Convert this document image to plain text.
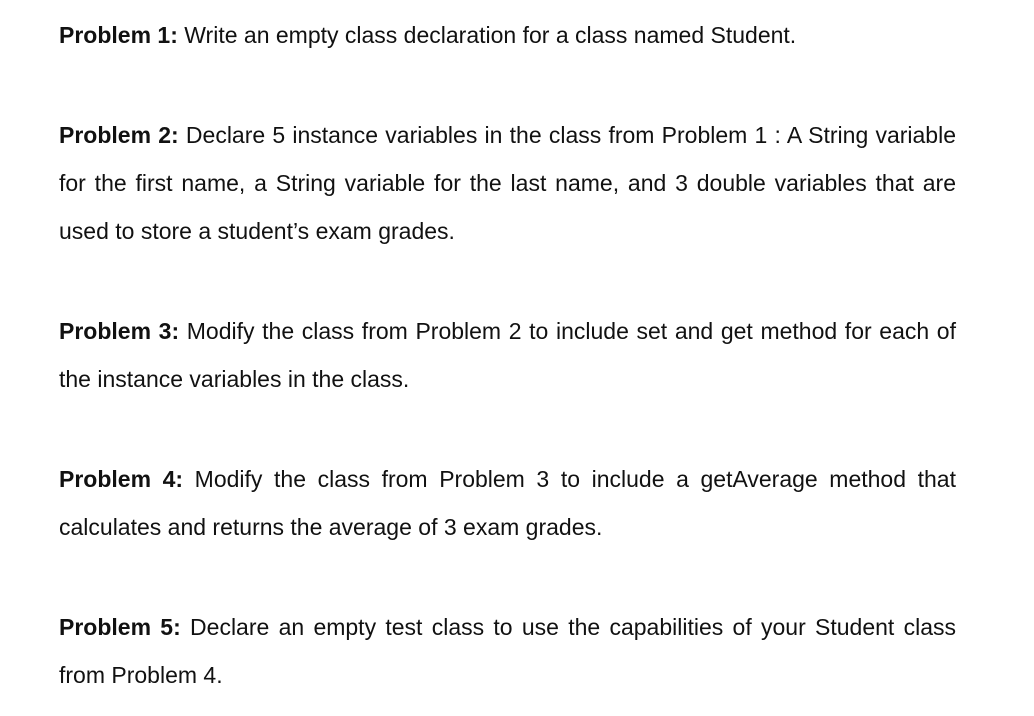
Problem 1: Write an empty class declaration for a class named Student.

Problem 2: Declare 5 instance variables in the class from Problem 1 : A String variable for the first name, a String variable for the last name, and 3 double variables that are used to store a student’s exam grades.

Problem 3: Modify the class from Problem 2 to include set and get method for each of the instance variables in the class.

Problem 4: Modify the class from Problem 3 to include a getAverage method that calculates and returns the average of 3 exam grades.

Problem 5: Declare an empty test class to use the capabilities of your Student class from Problem 4.
